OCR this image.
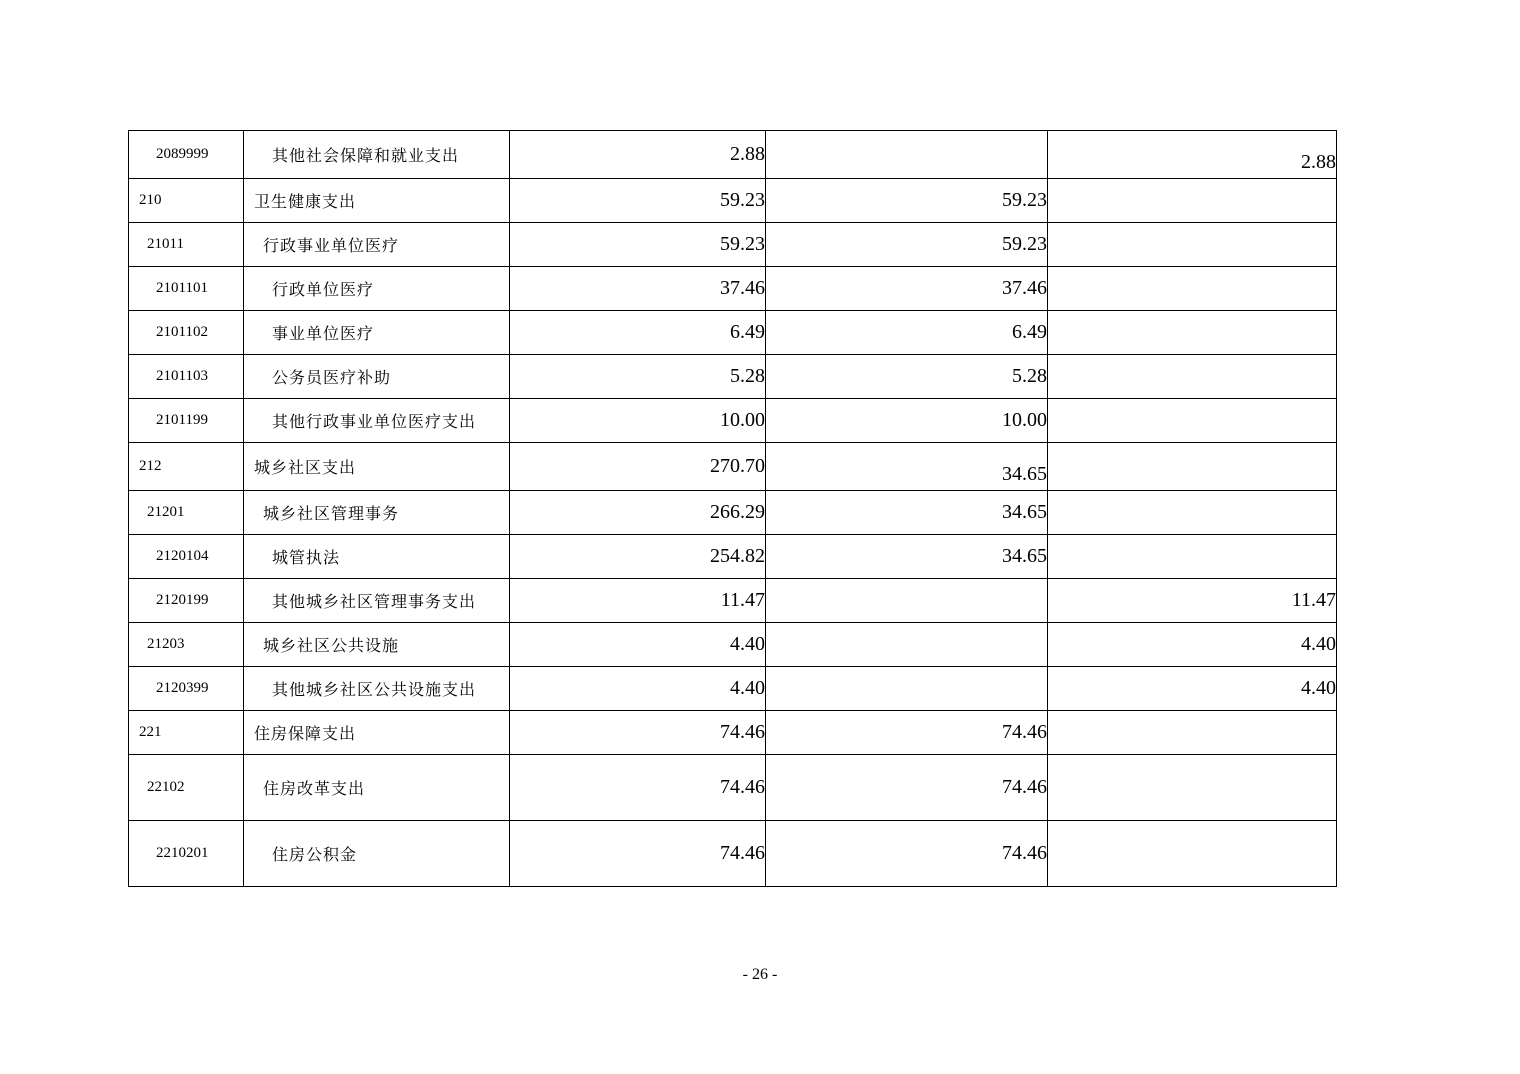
2089999	其他社会保障和就业支出	2.88		2.88
210	卫生健康支出	59.23	59.23	
21011	行政事业单位医疗	59.23	59.23	
2101101	行政单位医疗	37.46	37.46	
2101102	事业单位医疗	6.49	6.49	
2101103	公务员医疗补助	5.28	5.28	
2101199	其他行政事业单位医疗支出	10.00	10.00	
212	城乡社区支出	270.70	34.65	
21201	城乡社区管理事务	266.29	34.65	
2120104	城管执法	254.82	34.65	
2120199	其他城乡社区管理事务支出	11.47		11.47
21203	城乡社区公共设施	4.40		4.40
2120399	其他城乡社区公共设施支出	4.40		4.40
221	住房保障支出	74.46	74.46	
22102	住房改革支出	74.46	74.46	
2210201	住房公积金	74.46	74.46	
- 26 -
